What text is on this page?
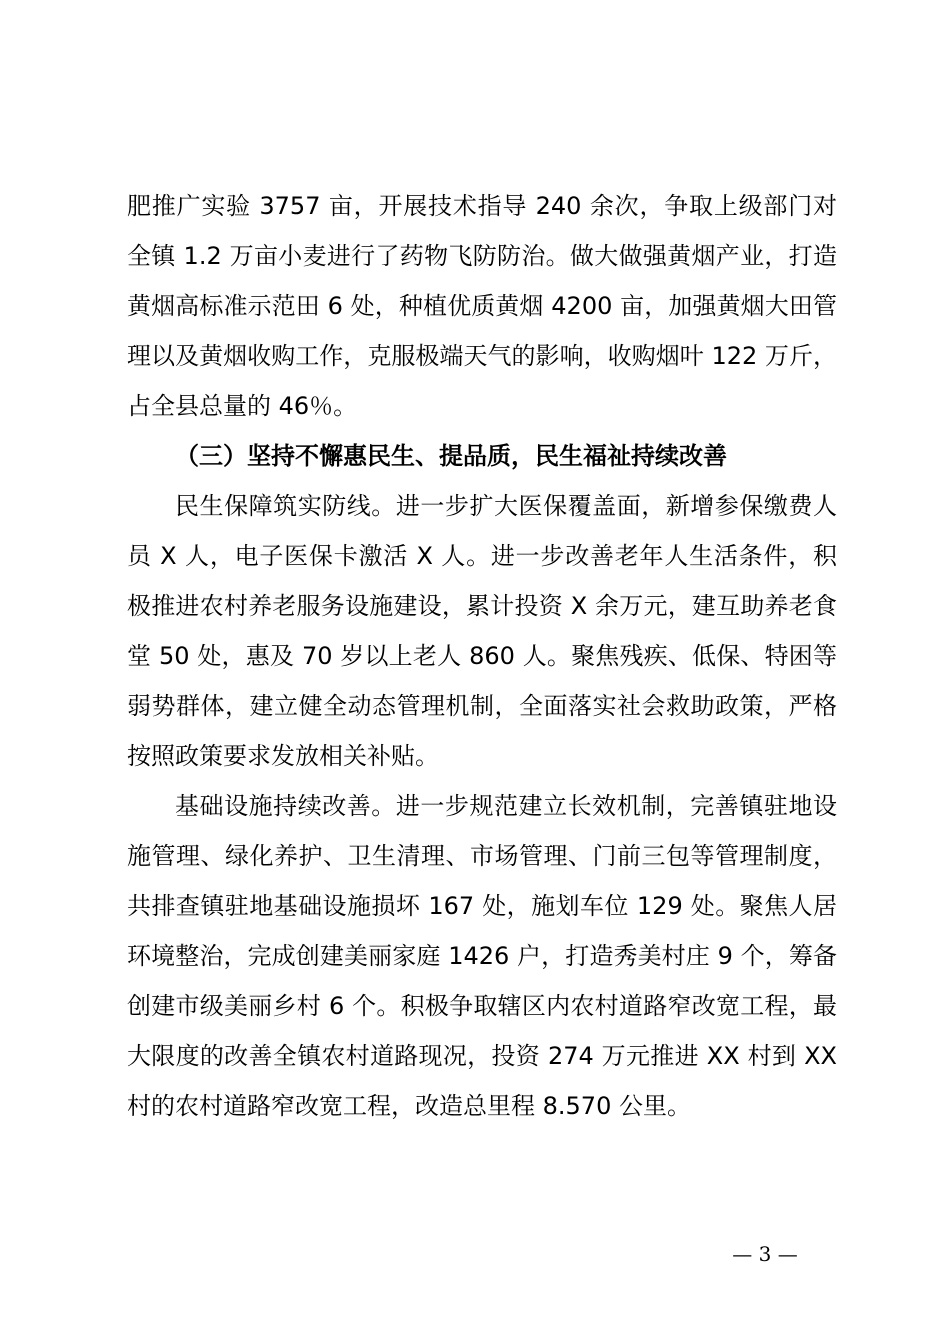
肥推广实验 3757 亩，开展技术指导 240 余次，争取上级部门对全镇 1.2 万亩小麦进行了药物飞防防治。做大做强黄烟产业，打造黄烟高标准示范田 6 处，种植优质黄烟 4200 亩，加强黄烟大田管理以及黄烟收购工作，克服极端天气的影响，收购烟叶 122 万斤，占全县总量的 46％。

（三）坚持不懈惠民生、提品质，民生福祉持续改善

民生保障筑实防线。进一步扩大医保覆盖面，新增参保缴费人员 X 人，电子医保卡激活 X 人。进一步改善老年人生活条件，积极推进农村养老服务设施建设，累计投资 X 余万元，建互助养老食堂 50 处，惠及 70 岁以上老人 860 人。聚焦残疾、低保、特困等弱势群体，建立健全动态管理机制，全面落实社会救助政策，严格按照政策要求发放相关补贴。

基础设施持续改善。进一步规范建立长效机制，完善镇驻地设施管理、绿化养护、卫生清理、市场管理、门前三包等管理制度，共排查镇驻地基础设施损坏 167 处，施划车位 129 处。聚焦人居环境整治，完成创建美丽家庭 1426 户，打造秀美村庄 9 个，筹备创建市级美丽乡村 6 个。积极争取辖区内农村道路窄改宽工程，最大限度的改善全镇农村道路现况，投资 274 万元推进 XX 村到 XX 村的农村道路窄改宽工程，改造总里程 8.570 公里。

— 3 —
